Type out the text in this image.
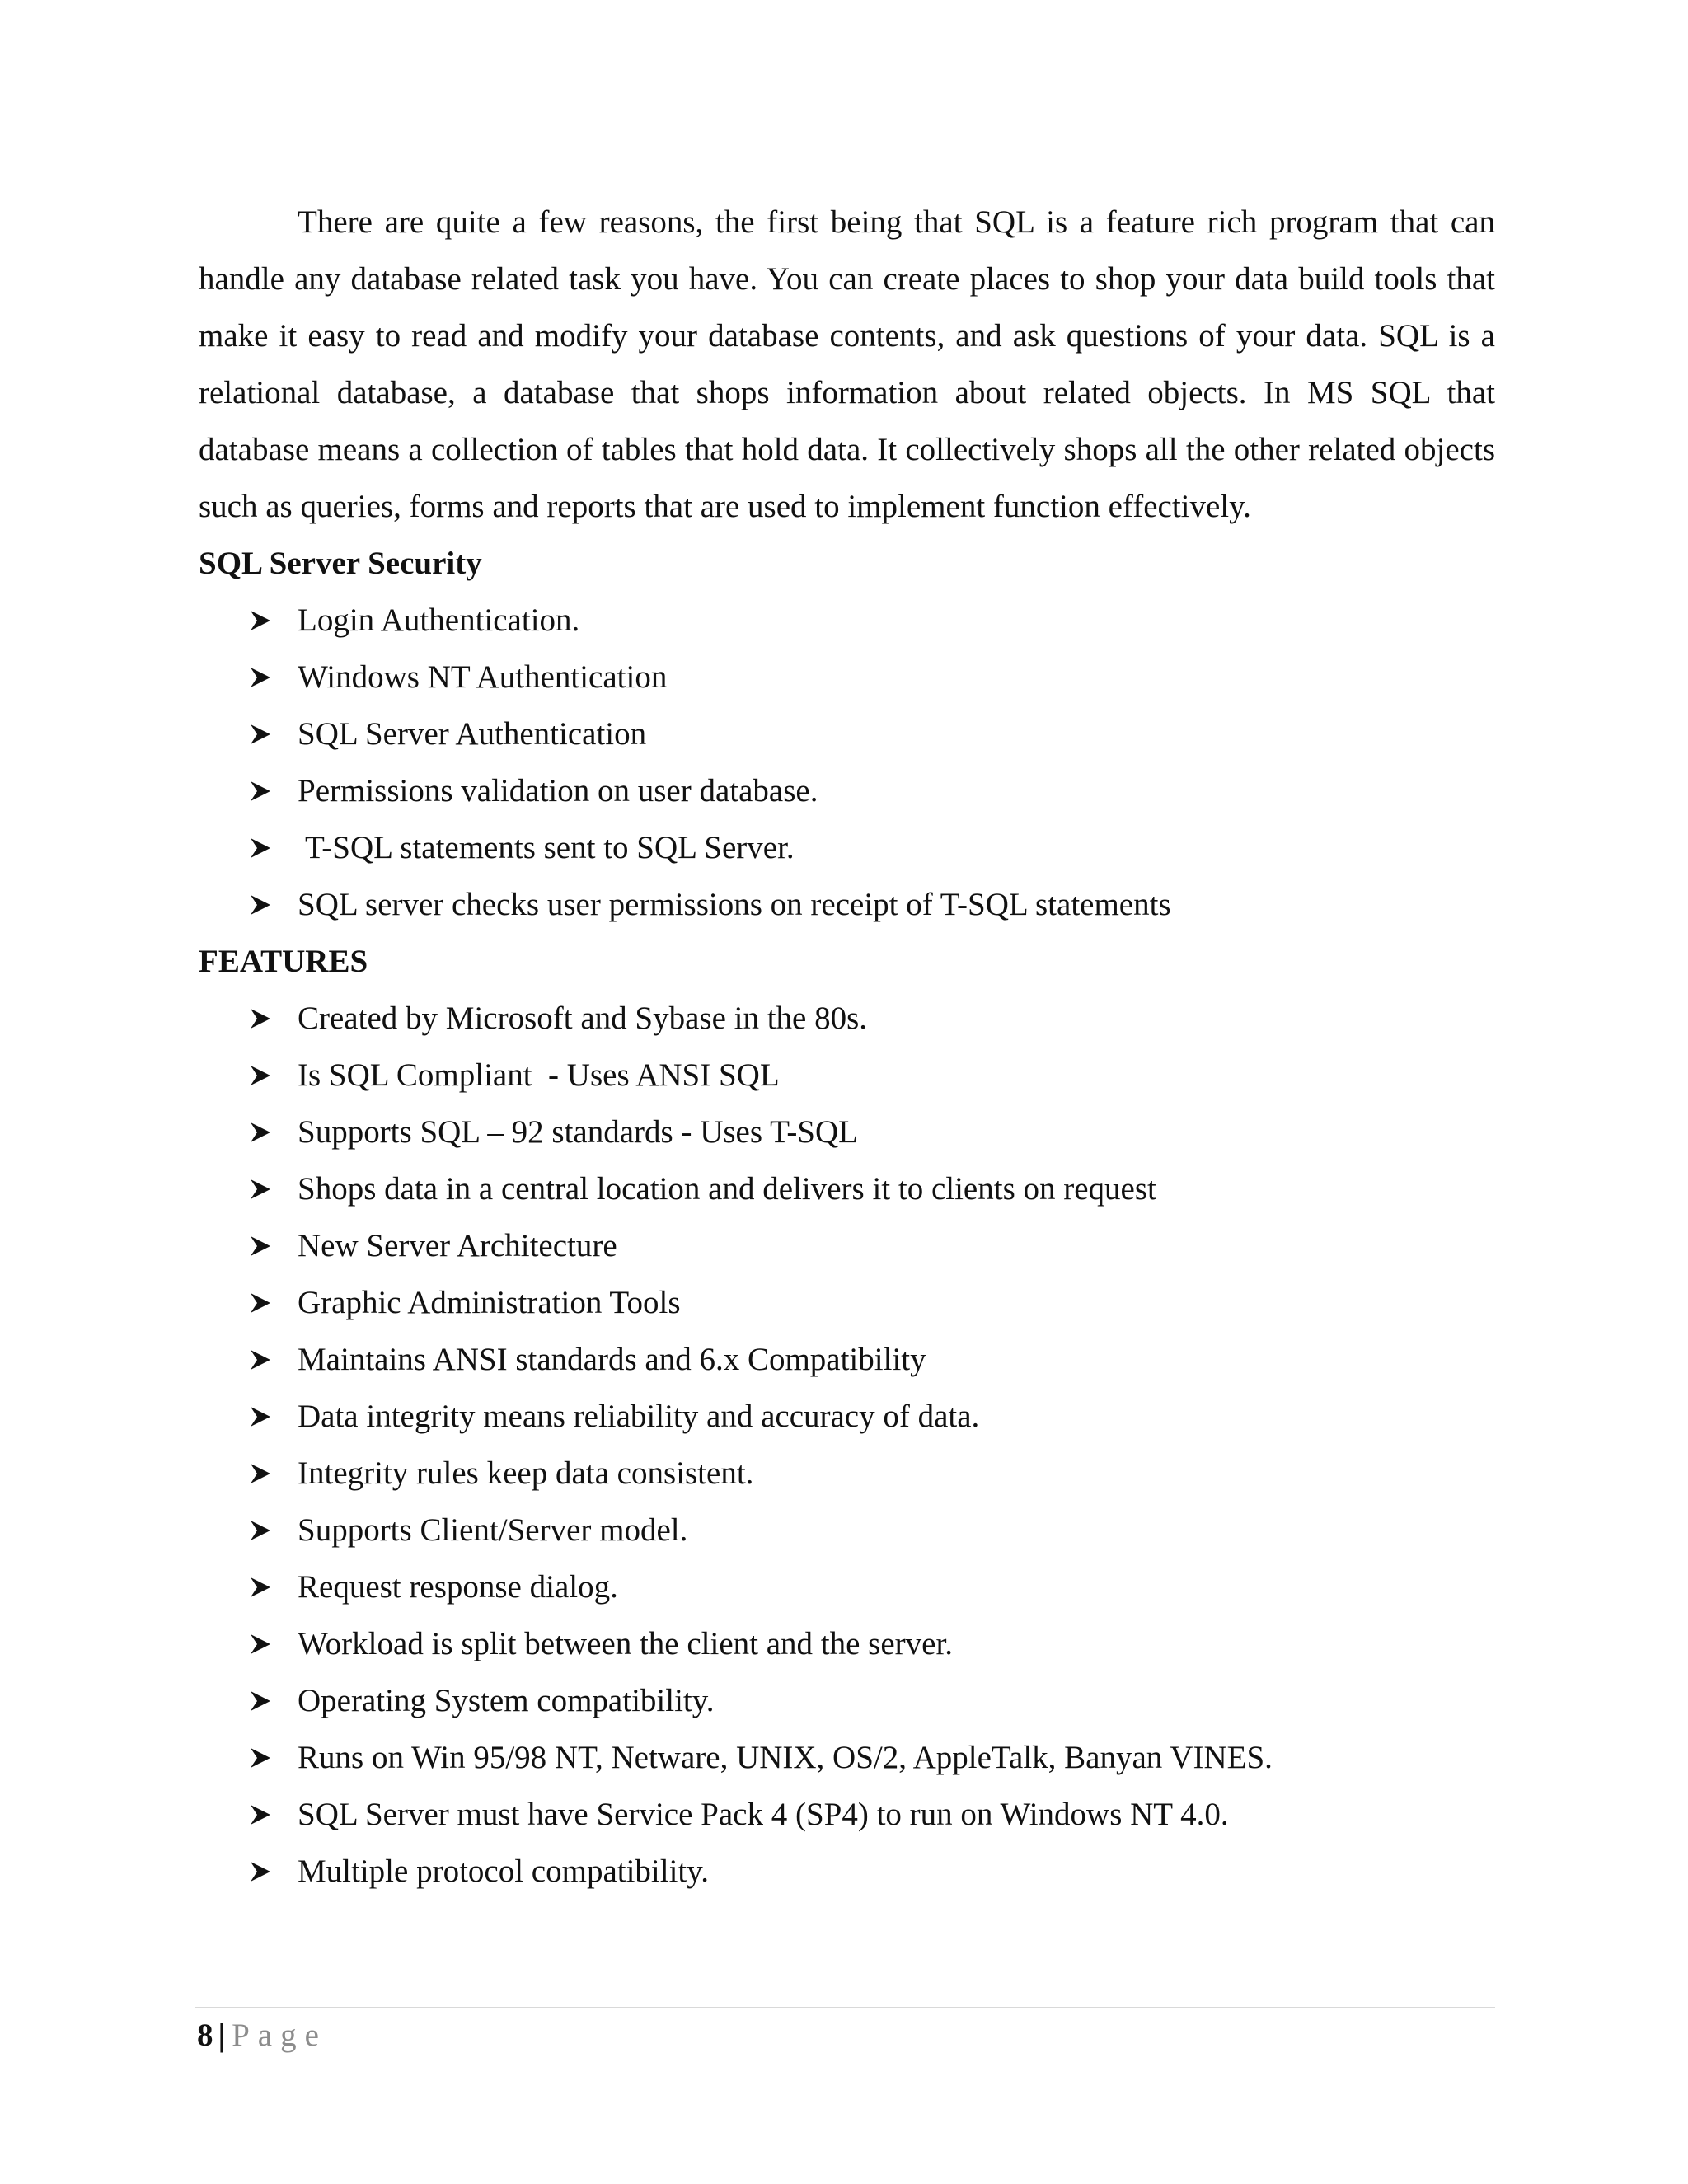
There are quite a few reasons, the first being that SQL is a feature rich program that can handle any database related task you have. You can create places to shop your data build tools that make it easy to read and modify your database contents, and ask questions of your data. SQL is a relational database, a database that shops information about related objects. In MS SQL that database means a collection of tables that hold data. It collectively shops all the other related objects such as queries, forms and reports that are used to implement function effectively.

SQL Server Security
Login Authentication.
Windows NT Authentication
SQL Server Authentication
Permissions validation on user database.
T-SQL statements sent to SQL Server.
SQL server checks user permissions on receipt of T-SQL statements
FEATURES
Created by Microsoft and Sybase in the 80s.
Is SQL Compliant  - Uses ANSI SQL
Supports SQL – 92 standards - Uses T-SQL
Shops data in a central location and delivers it to clients on request
New Server Architecture
Graphic Administration Tools
Maintains ANSI standards and 6.x Compatibility
Data integrity means reliability and accuracy of data.
Integrity rules keep data consistent.
Supports Client/Server model.
Request response dialog.
Workload is split between the client and the server.
Operating System compatibility.
Runs on Win 95/98 NT, Netware, UNIX, OS/2, AppleTalk, Banyan VINES.
SQL Server must have Service Pack 4 (SP4) to run on Windows NT 4.0.
Multiple protocol compatibility.
8 | Page
